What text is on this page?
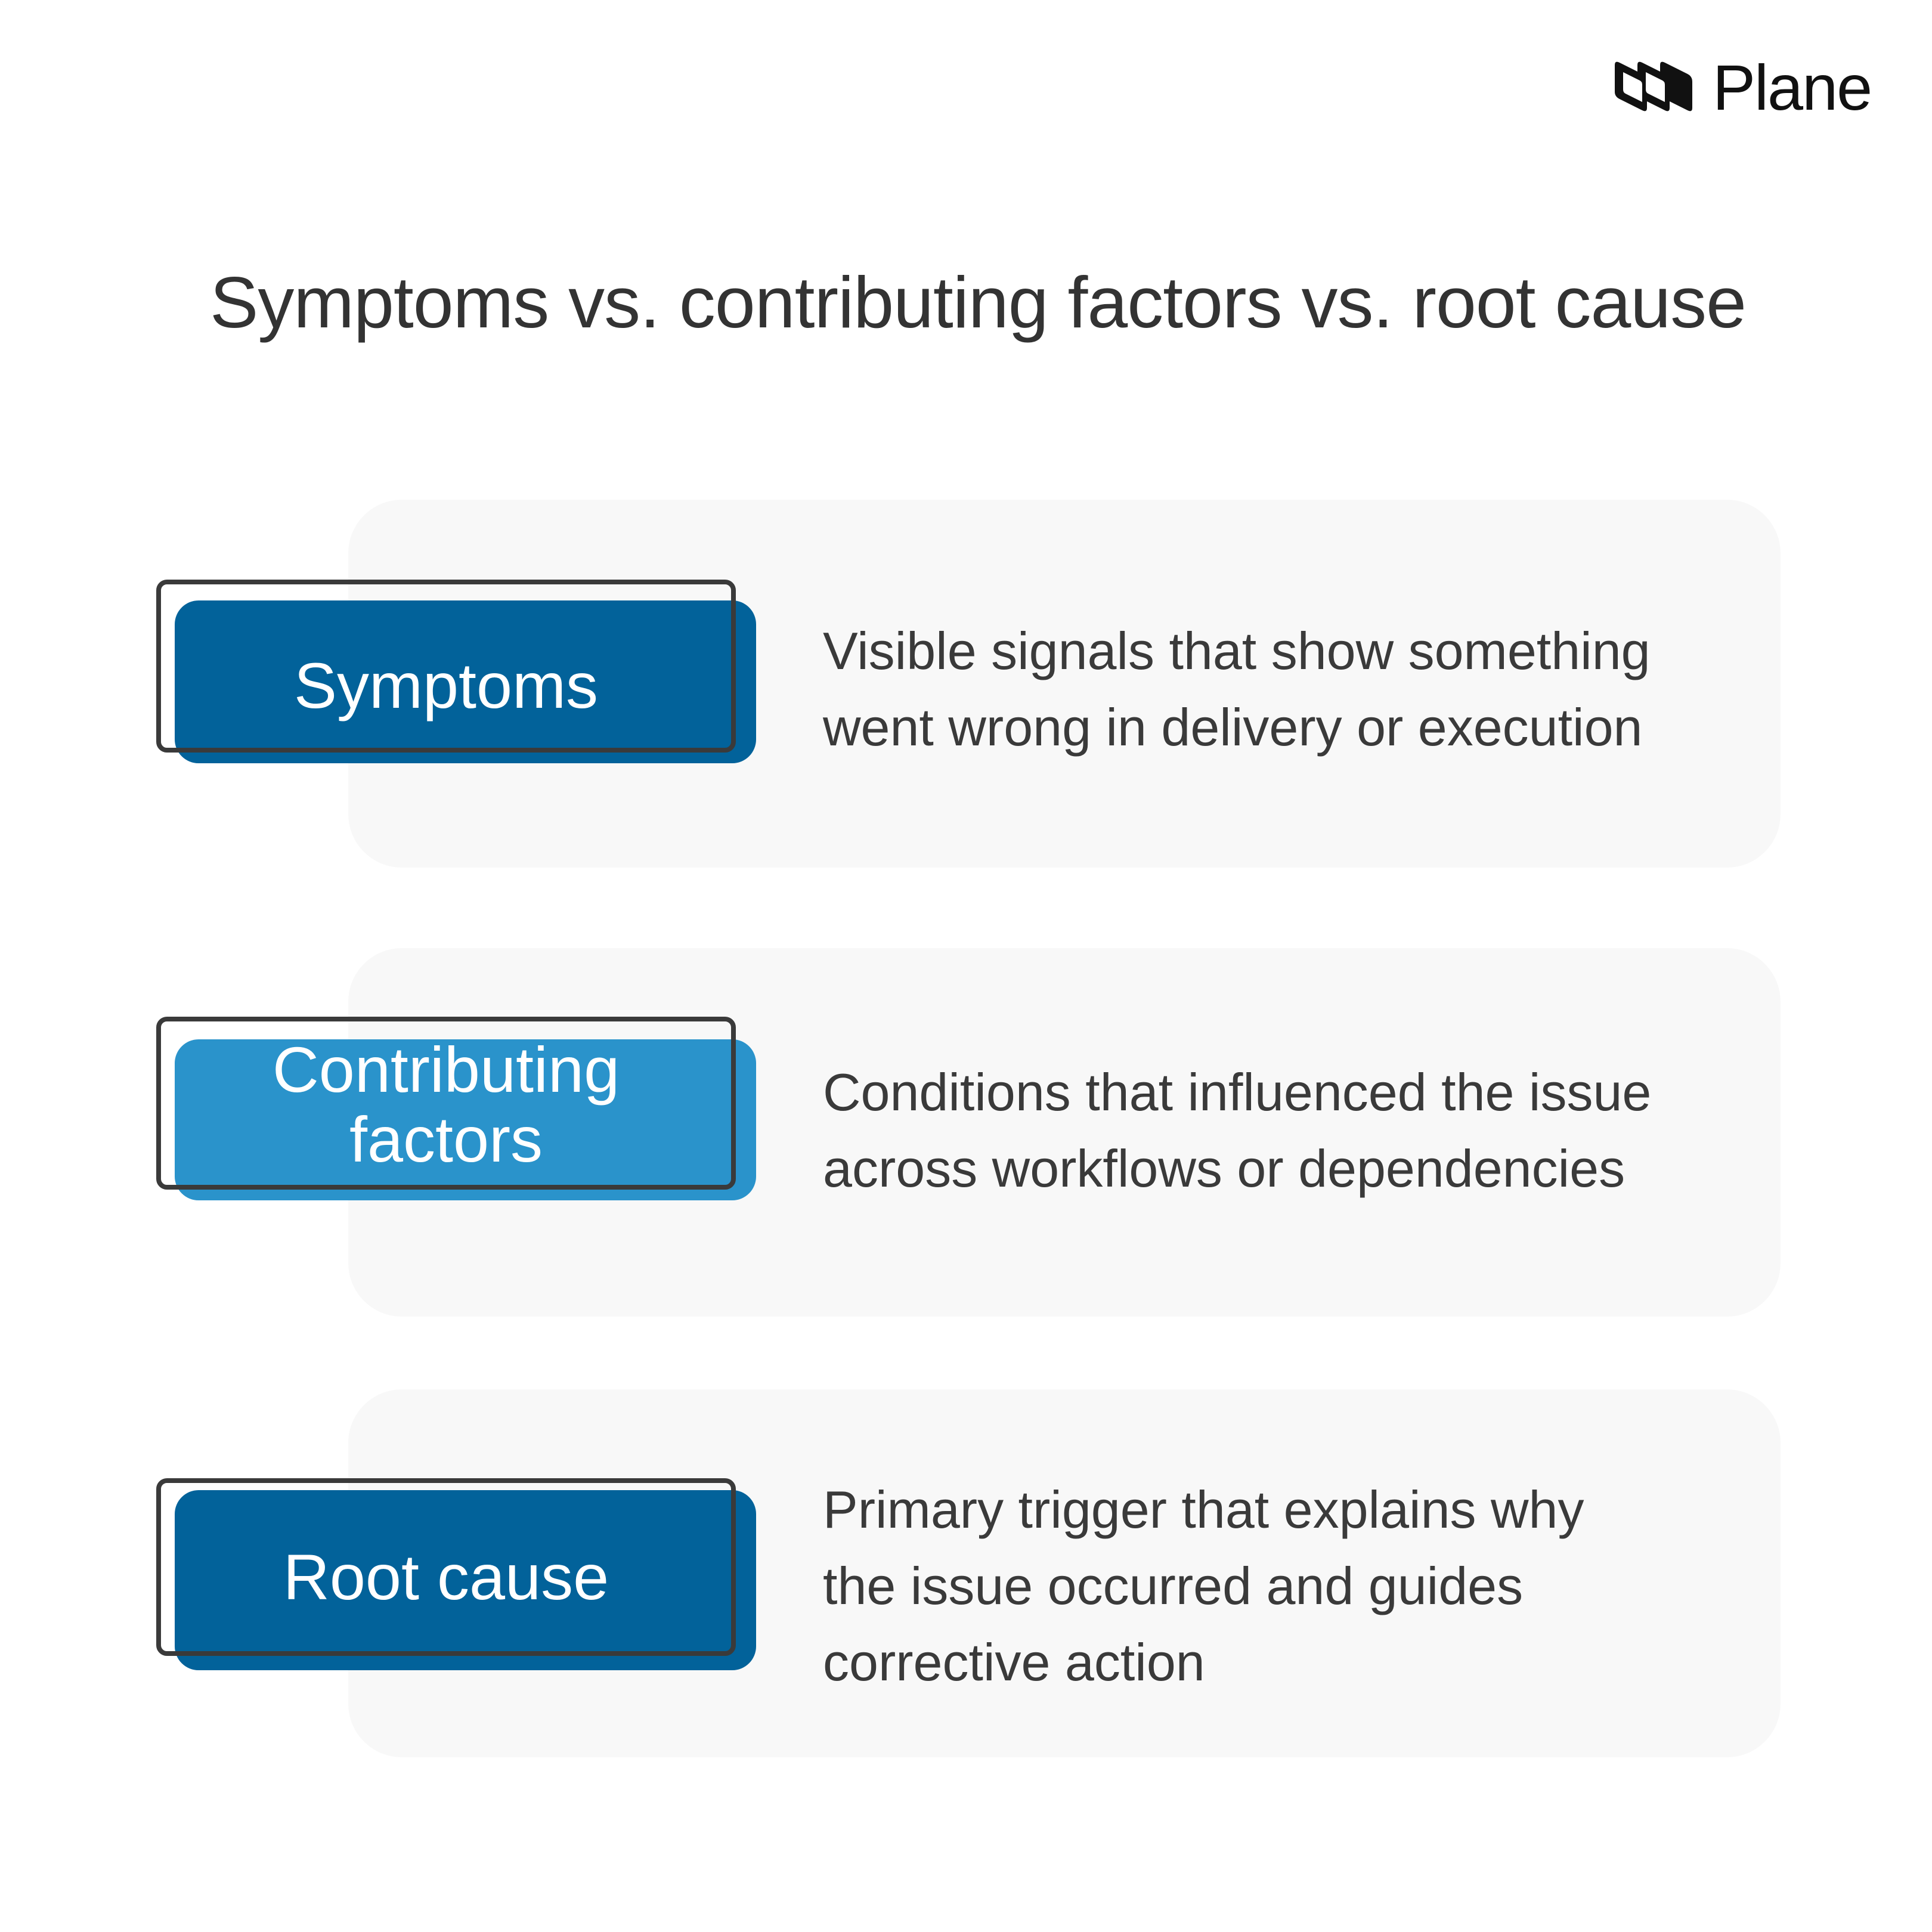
Plane
Symptoms vs. contributing factors vs. root cause
Symptoms	Visible signals that show something
went wrong in delivery or execution
Contributing
factors
Conditions that influenced the issue
across workflows or dependencies
Root cause
Primary trigger that explains why
the issue occurred and guides
corrective action
